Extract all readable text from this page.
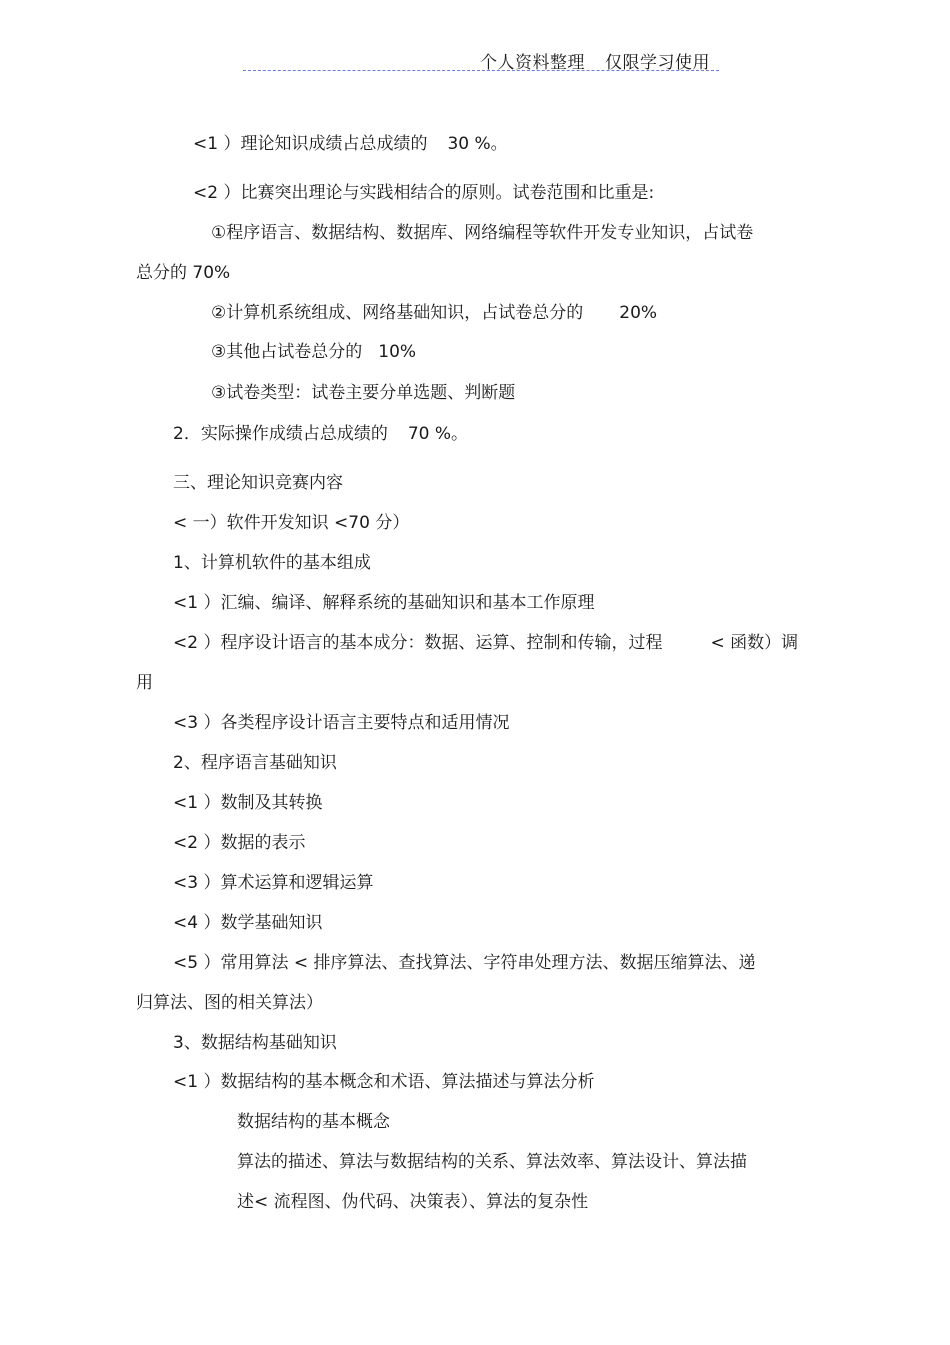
个人资料整理 仅限学习使用
<1 ）理论知识成绩占总成绩的 30 %。
<2 ）比赛突出理论与实践相结合的原则。试卷范围和比重是:
①程序语言、数据结构、数据库、网络编程等软件开发专业知识，占试卷
总分的 70%
②计算机系统组成、网络基础知识，占试卷总分的 20%
③其他占试卷总分的 10%
③试卷类型：试卷主要分单选题、判断题
2．实际操作成绩占总成绩的 70 %。
三、理论知识竞赛内容
< 一）软件开发知识 <70 分）
1、计算机软件的基本组成
<1 ）汇编、编译、解释系统的基础知识和基本工作原理
<2 ）程序设计语言的基本成分：数据、运算、控制和传输，过程	< 函数）调
用
<3 ）各类程序设计语言主要特点和适用情况
2、程序语言基础知识
<1 ）数制及其转换
<2 ）数据的表示
<3 ）算术运算和逻辑运算
<4 ）数学基础知识
<5 ）常用算法 < 排序算法、查找算法、字符串处理方法、数据压缩算法、递
归算法、图的相关算法）
3、数据结构基础知识
<1 ）数据结构的基本概念和术语、算法描述与算法分析
数据结构的基本概念
算法的描述、算法与数据结构的关系、算法效率、算法设计、算法描
述< 流程图、伪代码、决策表）、算法的复杂性
